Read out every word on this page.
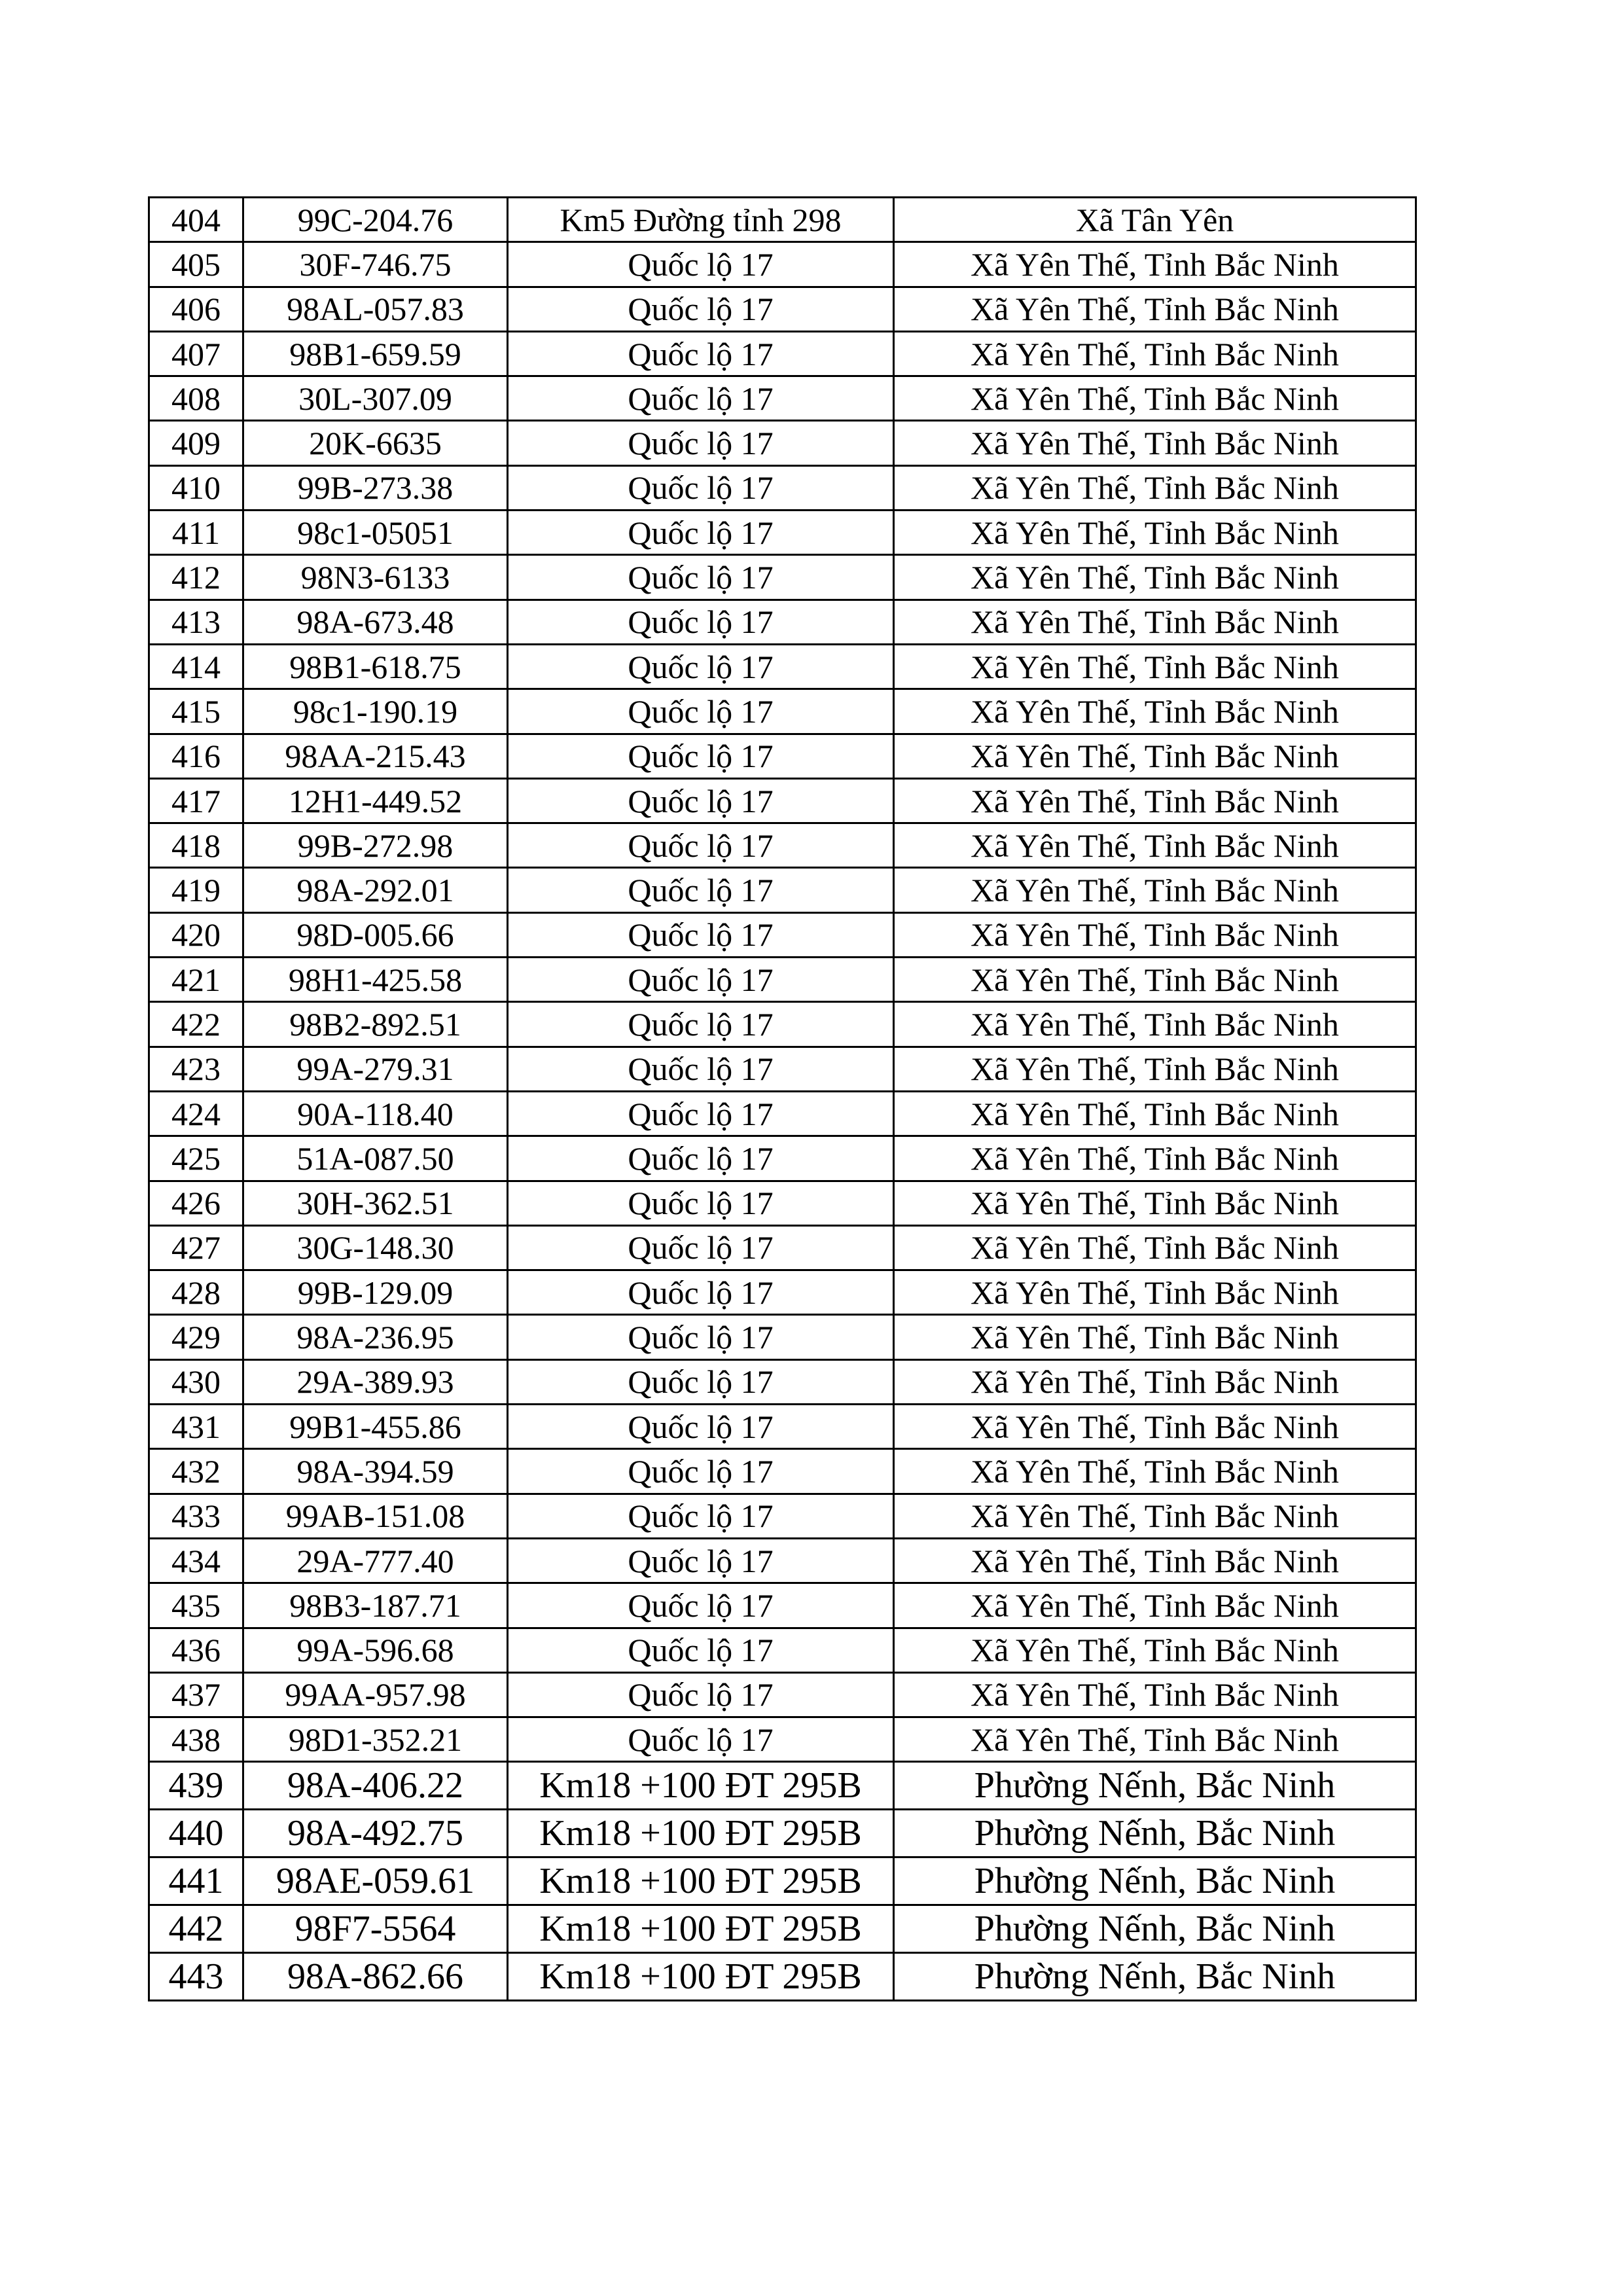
404	99C-204.76	Km5 Đường tỉnh 298	Xã Tân Yên
405	30F-746.75	Quốc lộ 17	Xã Yên Thế, Tỉnh Bắc Ninh
406	98AL-057.83	Quốc lộ 17	Xã Yên Thế, Tỉnh Bắc Ninh
407	98B1-659.59	Quốc lộ 17	Xã Yên Thế, Tỉnh Bắc Ninh
408	30L-307.09	Quốc lộ 17	Xã Yên Thế, Tỉnh Bắc Ninh
409	20K-6635	Quốc lộ 17	Xã Yên Thế, Tỉnh Bắc Ninh
410	99B-273.38	Quốc lộ 17	Xã Yên Thế, Tỉnh Bắc Ninh
411	98c1-05051	Quốc lộ 17	Xã Yên Thế, Tỉnh Bắc Ninh
412	98N3-6133	Quốc lộ 17	Xã Yên Thế, Tỉnh Bắc Ninh
413	98A-673.48	Quốc lộ 17	Xã Yên Thế, Tỉnh Bắc Ninh
414	98B1-618.75	Quốc lộ 17	Xã Yên Thế, Tỉnh Bắc Ninh
415	98c1-190.19	Quốc lộ 17	Xã Yên Thế, Tỉnh Bắc Ninh
416	98AA-215.43	Quốc lộ 17	Xã Yên Thế, Tỉnh Bắc Ninh
417	12H1-449.52	Quốc lộ 17	Xã Yên Thế, Tỉnh Bắc Ninh
418	99B-272.98	Quốc lộ 17	Xã Yên Thế, Tỉnh Bắc Ninh
419	98A-292.01	Quốc lộ 17	Xã Yên Thế, Tỉnh Bắc Ninh
420	98D-005.66	Quốc lộ 17	Xã Yên Thế, Tỉnh Bắc Ninh
421	98H1-425.58	Quốc lộ 17	Xã Yên Thế, Tỉnh Bắc Ninh
422	98B2-892.51	Quốc lộ 17	Xã Yên Thế, Tỉnh Bắc Ninh
423	99A-279.31	Quốc lộ 17	Xã Yên Thế, Tỉnh Bắc Ninh
424	90A-118.40	Quốc lộ 17	Xã Yên Thế, Tỉnh Bắc Ninh
425	51A-087.50	Quốc lộ 17	Xã Yên Thế, Tỉnh Bắc Ninh
426	30H-362.51	Quốc lộ 17	Xã Yên Thế, Tỉnh Bắc Ninh
427	30G-148.30	Quốc lộ 17	Xã Yên Thế, Tỉnh Bắc Ninh
428	99B-129.09	Quốc lộ 17	Xã Yên Thế, Tỉnh Bắc Ninh
429	98A-236.95	Quốc lộ 17	Xã Yên Thế, Tỉnh Bắc Ninh
430	29A-389.93	Quốc lộ 17	Xã Yên Thế, Tỉnh Bắc Ninh
431	99B1-455.86	Quốc lộ 17	Xã Yên Thế, Tỉnh Bắc Ninh
432	98A-394.59	Quốc lộ 17	Xã Yên Thế, Tỉnh Bắc Ninh
433	99AB-151.08	Quốc lộ 17	Xã Yên Thế, Tỉnh Bắc Ninh
434	29A-777.40	Quốc lộ 17	Xã Yên Thế, Tỉnh Bắc Ninh
435	98B3-187.71	Quốc lộ 17	Xã Yên Thế, Tỉnh Bắc Ninh
436	99A-596.68	Quốc lộ 17	Xã Yên Thế, Tỉnh Bắc Ninh
437	99AA-957.98	Quốc lộ 17	Xã Yên Thế, Tỉnh Bắc Ninh
438	98D1-352.21	Quốc lộ 17	Xã Yên Thế, Tỉnh Bắc Ninh
439	98A-406.22	Km18 +100 ĐT 295B	Phường Nếnh, Bắc Ninh
440	98A-492.75	Km18 +100 ĐT 295B	Phường Nếnh, Bắc Ninh
441	98AE-059.61	Km18 +100 ĐT 295B	Phường Nếnh, Bắc Ninh
442	98F7-5564	Km18 +100 ĐT 295B	Phường Nếnh, Bắc Ninh
443	98A-862.66	Km18 +100 ĐT 295B	Phường Nếnh, Bắc Ninh
